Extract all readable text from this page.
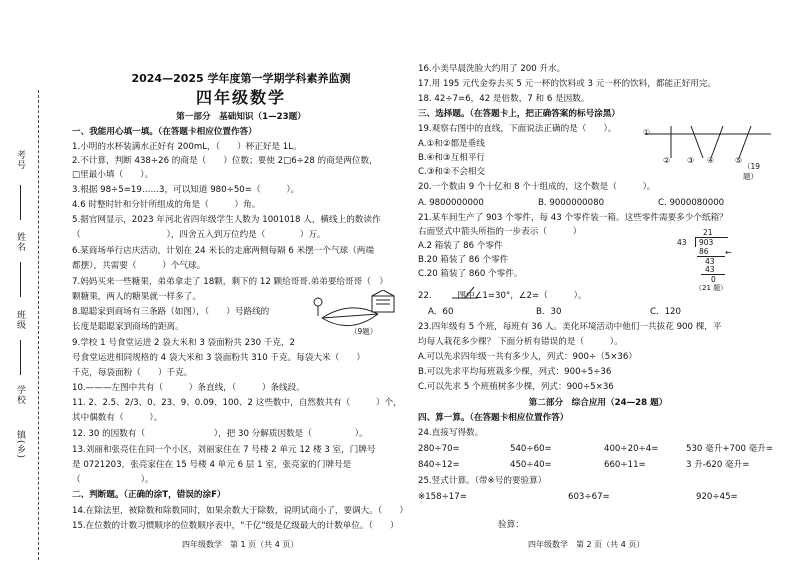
考号
姓名
班级
学校
镇(乡)
2024—2025 学年度第一学期学科素养监测
四年级数学
第一部分　基础知识（1—23题）
一、我能用心填一填。（在答题卡相应位置作答）
1.小明的水杯装满水正好有 200mL，（　　）杯正好是 1L。
2.不计算，判断 438÷26 的商是（　　）位数；要使 2□6÷28 的商是两位数，
□里最小填（　　）。
3.根据 98÷5=19……3，可以知道 980÷50=（　　　）。
4.6 时整时针和分针所组成的角是（　　　）角。
5.据官网显示，2023 年河北省四年级学生人数为 1001018 人，横线上的数读作
（　　　　　　　　　　），四舍五入到万位约是（　　　　）万。
6.某商场举行店庆活动，计划在 24 米长的走廊两侧每隔 6 米摆一个气球（两端
都摆），共需要（　　　）个气球。
7.妈妈买来一些糖果，弟弟拿走了 18颗，剩下的 12 颗给哥哥.弟弟要给哥哥（　）
颗糖果，两人的糖果就一样多了。
8.聪聪家到商场有三条路（如图），（　　）号路线的
长度是聪聪家到商场的距离。
9.学校 1 号食堂运进 2 袋大米和 3 袋面粉共 230 千克，2
号食堂运进相同规格的 4 袋大米和 3 袋面粉共 310 千克。每袋大米（　　）
千克，每袋面粉（　　）千克。
10.———左图中共有（　　　）条直线，（　　　）条线段。
11. 2、2.5、2/3、0、23、9、0.09、100、2 这些数中，自然数共有（　　　）个，
其中偶数有（　　　）。
12. 30 的因数有（　　　　　　　　），把 30 分解质因数是（　　　　　）。
13.刘丽和张亮住在同一个小区，刘丽家住在 7 号楼 2 单元 12 楼 3 室，门牌号
是 0721203，张亮家住在 15 号楼 4 单元 6 层 1 室，张亮家的门牌号是
（　　　　　　　）。
二、判断题。（正确的涂T，错误的涂F）
14.在除法里，被除数和除数同时，如果余数大于除数，说明试商小了，要调大。（　　）
15.在位数的计数习惯顺序的位数顺序表中，"千亿"级是亿级最大的计数单位。（　　）
（9题）
四年级数学　第 1 页（共 4 页）
16.小美早晨洗脸大约用了 200 升水。
17.用 195 元代金券去买 5 元一杯的饮料或 3 元一杯的饮料，都能正好用完。
18. 42÷7=6，42 是倍数，7 和 6 是因数。
三、选择题。（在答题卡上，把正确答案的标号涂黑）
19.观察右图中的直线，下面说法正确的是（　　）。
A.①和②都是垂线
B.④和③互相平行
C.③和②不会相交
①
② ③ ④	⑤
（19 题）
20.一个数由 9 个十亿和 8 个十组成的，这个数是（　　　）。
A. 9800000000	B. 9000000080	C. 9000080000
21.某车间生产了 903 个零件，每 43 个零件装一箱。这些零件需要多少个纸箱？
右面竖式中箭头所指的一步表示（　　　）
A.2 箱装了 86 个零件
B.20 箱装了 86 个零件
C.20 箱装了 860 个零件。
21
43 903
86 ←
43
43
0
（21 题）
22.　　　图中∠1=30°，∠2=（　　　）。
A．60	B．30	C．120
23.四年级有 5 个班，每班有 36 人。美化环境活动中他们一共拔花 900 棵，平
均每人栽花多少棵？ 下面分析有错误的是（　　　）。
A.可以先求四年级一共有多少人，列式：900÷（5×36）
B.可以先求平均每班栽多少棵，列式：900÷5÷36
C.可以先求 5 个班植树多少棵，列式：900÷5×36
第二部分　综合应用（24—28 题）
四、算一算。（在答题卡相应位置作答）
24.直接写得数。
280÷70=	540÷60=	400÷20÷4=	530 毫升+700 毫升=
840÷12=	450÷40=	660÷11=	3 升-620 毫升=
25.竖式计算。（带※号的要验算）
※158÷17=	603÷67=	920÷45=
验算：
四年级数学　第 2 页（共 4 页）
